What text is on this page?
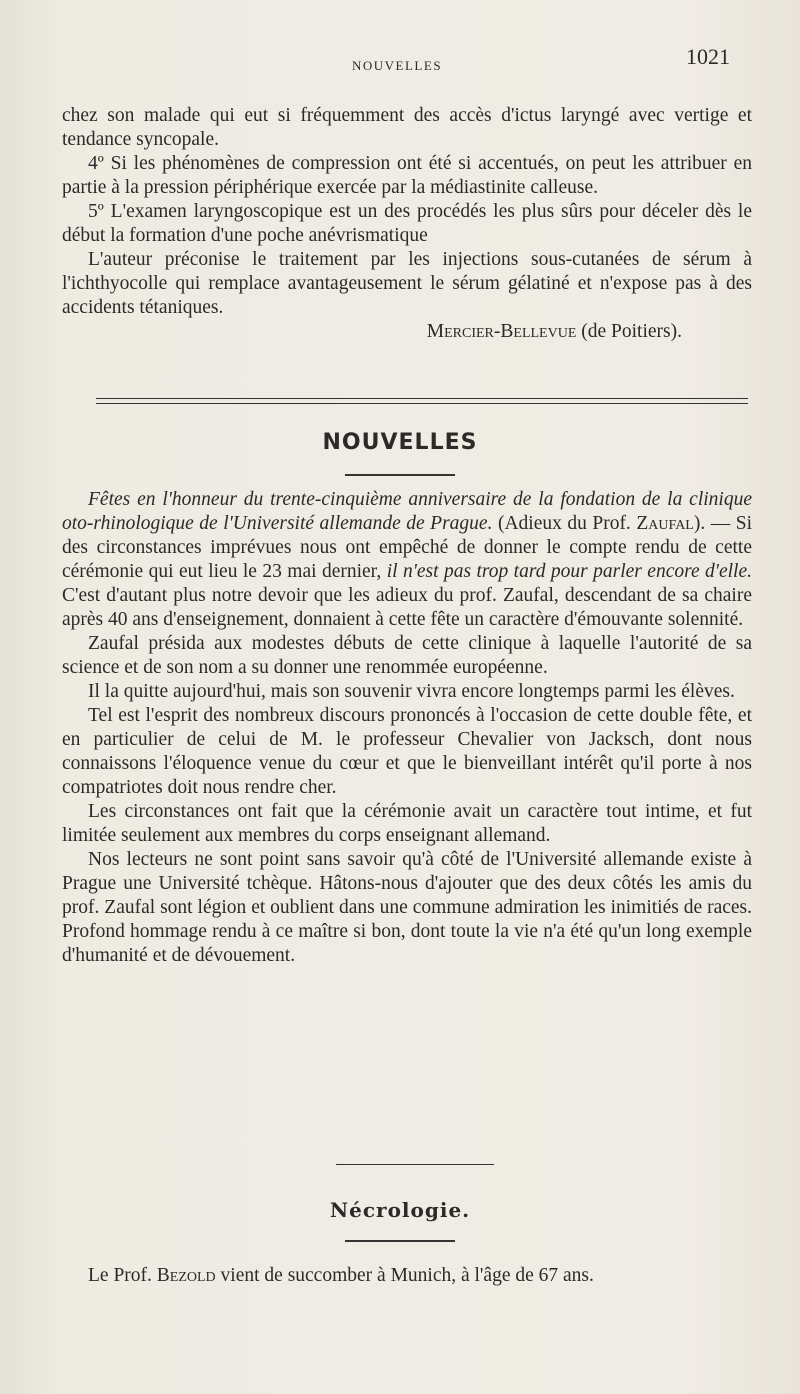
NOUVELLES	1021

chez son malade qui eut si fréquemment des accès d'ictus laryngé avec vertige et tendance syncopale.

4º Si les phénomènes de compression ont été si accentués, on peut les attribuer en partie à la pression périphérique exercée par la médiastinite calleuse.

5º L'examen laryngoscopique est un des procédés les plus sûrs pour déceler dès le début la formation d'une poche anévrismatique

L'auteur préconise le traitement par les injections sous-cutanées de sérum à l'ichthyocolle qui remplace avantageusement le sérum gélatiné et n'expose pas à des accidents tétaniques.

Mercier-Bellevue (de Poitiers).

NOUVELLES

Fêtes en l'honneur du trente-cinquième anniversaire de la fondation de la clinique oto-rhinologique de l'Université allemande de Prague. (Adieux du Prof. Zaufal). — Si des circonstances imprévues nous ont empêché de donner le compte rendu de cette cérémonie qui eut lieu le 23 mai dernier, il n'est pas trop tard pour parler encore d'elle. C'est d'autant plus notre devoir que les adieux du prof. Zaufal, descendant de sa chaire après 40 ans d'enseignement, donnaient à cette fête un caractère d'émouvante solennité.

Zaufal présida aux modestes débuts de cette clinique à laquelle l'autorité de sa science et de son nom a su donner une renommée européenne.

Il la quitte aujourd'hui, mais son souvenir vivra encore longtemps parmi les élèves.

Tel est l'esprit des nombreux discours prononcés à l'occasion de cette double fête, et en particulier de celui de M. le professeur Chevalier von Jacksch, dont nous connaissons l'éloquence venue du cœur et que le bienveillant intérêt qu'il porte à nos compatriotes doit nous rendre cher.

Les circonstances ont fait que la cérémonie avait un caractère tout intime, et fut limitée seulement aux membres du corps enseignant allemand.

Nos lecteurs ne sont point sans savoir qu'à côté de l'Université allemande existe à Prague une Université tchèque. Hâtons-nous d'ajouter que des deux côtés les amis du prof. Zaufal sont légion et oublient dans une commune admiration les inimitiés de races. Profond hommage rendu à ce maître si bon, dont toute la vie n'a été qu'un long exemple d'humanité et de dévouement.

Nécrologie.

Le Prof. Bezold vient de succomber à Munich, à l'âge de 67 ans.
